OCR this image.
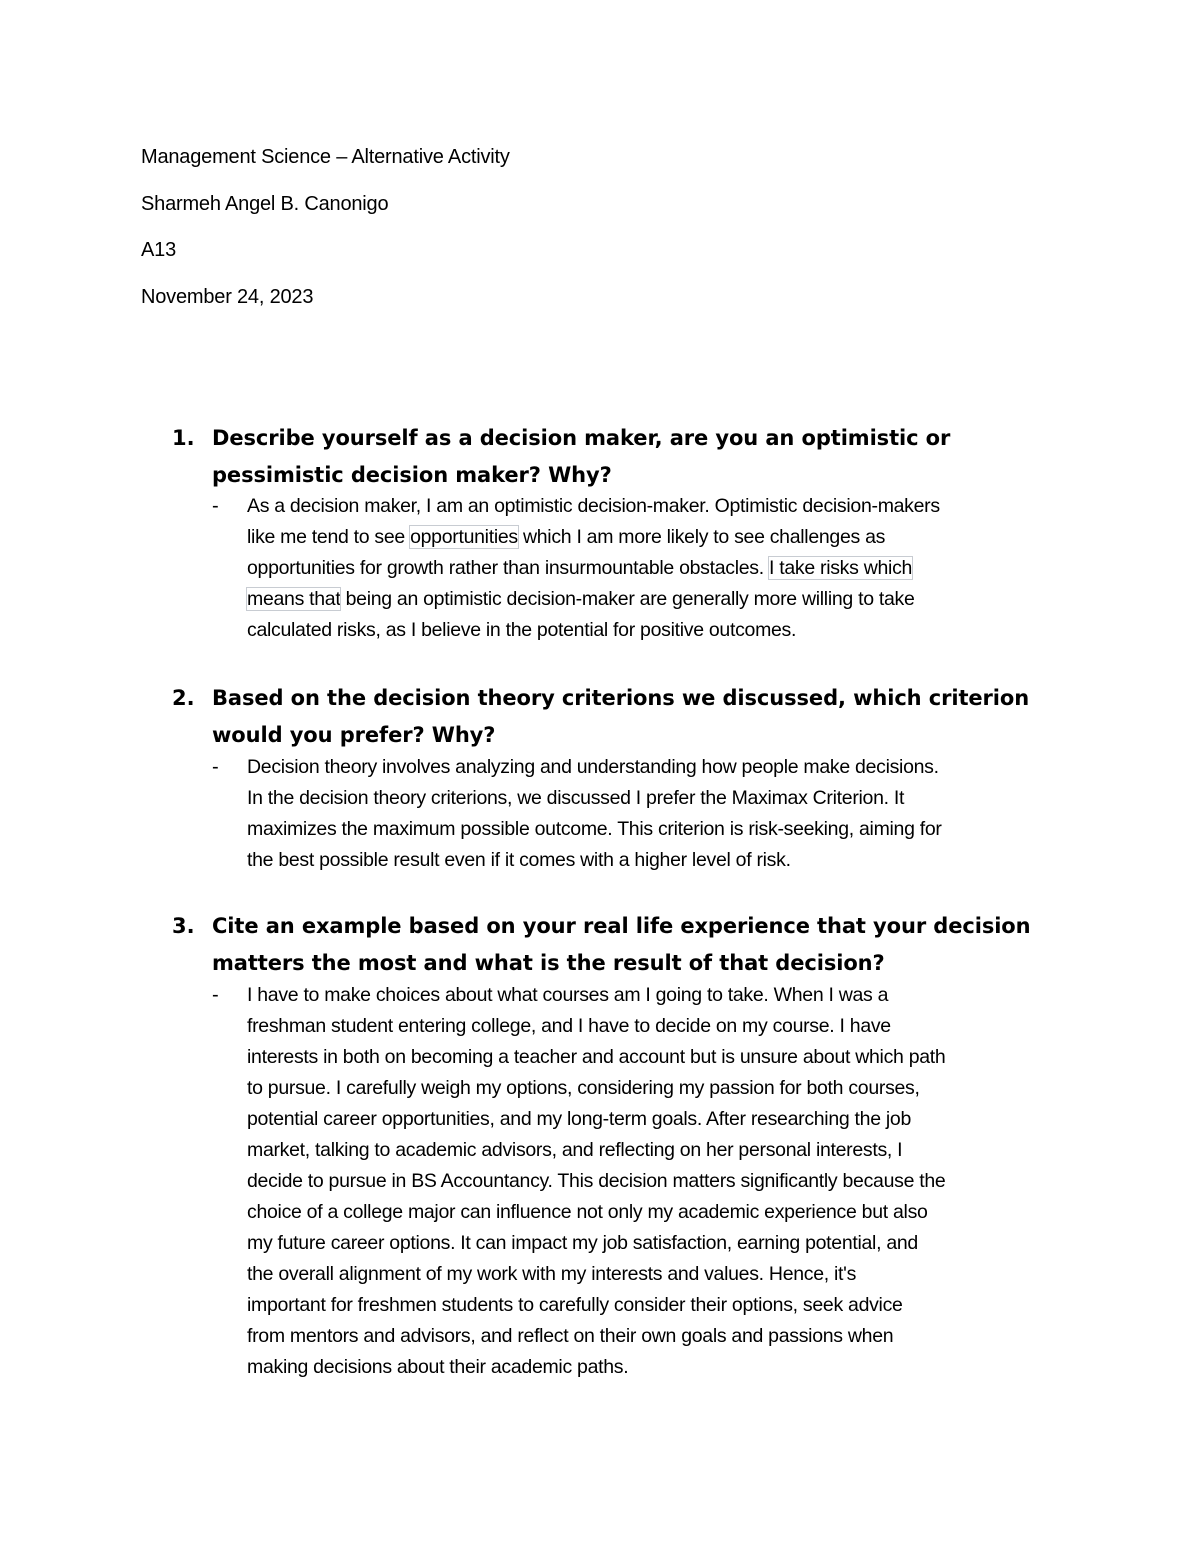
Management Science – Alternative Activity
Sharmeh Angel B. Canonigo
A13
November 24, 2023
1. Describe yourself as a decision maker, are you an optimistic or
pessimistic decision maker? Why?
- As a decision maker, I am an optimistic decision-maker. Optimistic decision-makers
like me tend to see opportunities which I am more likely to see challenges as
opportunities for growth rather than insurmountable obstacles. I take risks which
means that being an optimistic decision-maker are generally more willing to take
calculated risks, as I believe in the potential for positive outcomes.
2. Based on the decision theory criterions we discussed, which criterion
would you prefer? Why?
- Decision theory involves analyzing and understanding how people make decisions.
In the decision theory criterions, we discussed I prefer the Maximax Criterion. It
maximizes the maximum possible outcome. This criterion is risk-seeking, aiming for
the best possible result even if it comes with a higher level of risk.
3. Cite an example based on your real life experience that your decision
matters the most and what is the result of that decision?
- I have to make choices about what courses am I going to take. When I was a
freshman student entering college, and I have to decide on my course. I have
interests in both on becoming a teacher and account but is unsure about which path
to pursue. I carefully weigh my options, considering my passion for both courses,
potential career opportunities, and my long-term goals. After researching the job
market, talking to academic advisors, and reflecting on her personal interests, I
decide to pursue in BS Accountancy. This decision matters significantly because the
choice of a college major can influence not only my academic experience but also
my future career options. It can impact my job satisfaction, earning potential, and
the overall alignment of my work with my interests and values. Hence, it's
important for freshmen students to carefully consider their options, seek advice
from mentors and advisors, and reflect on their own goals and passions when
making decisions about their academic paths.
